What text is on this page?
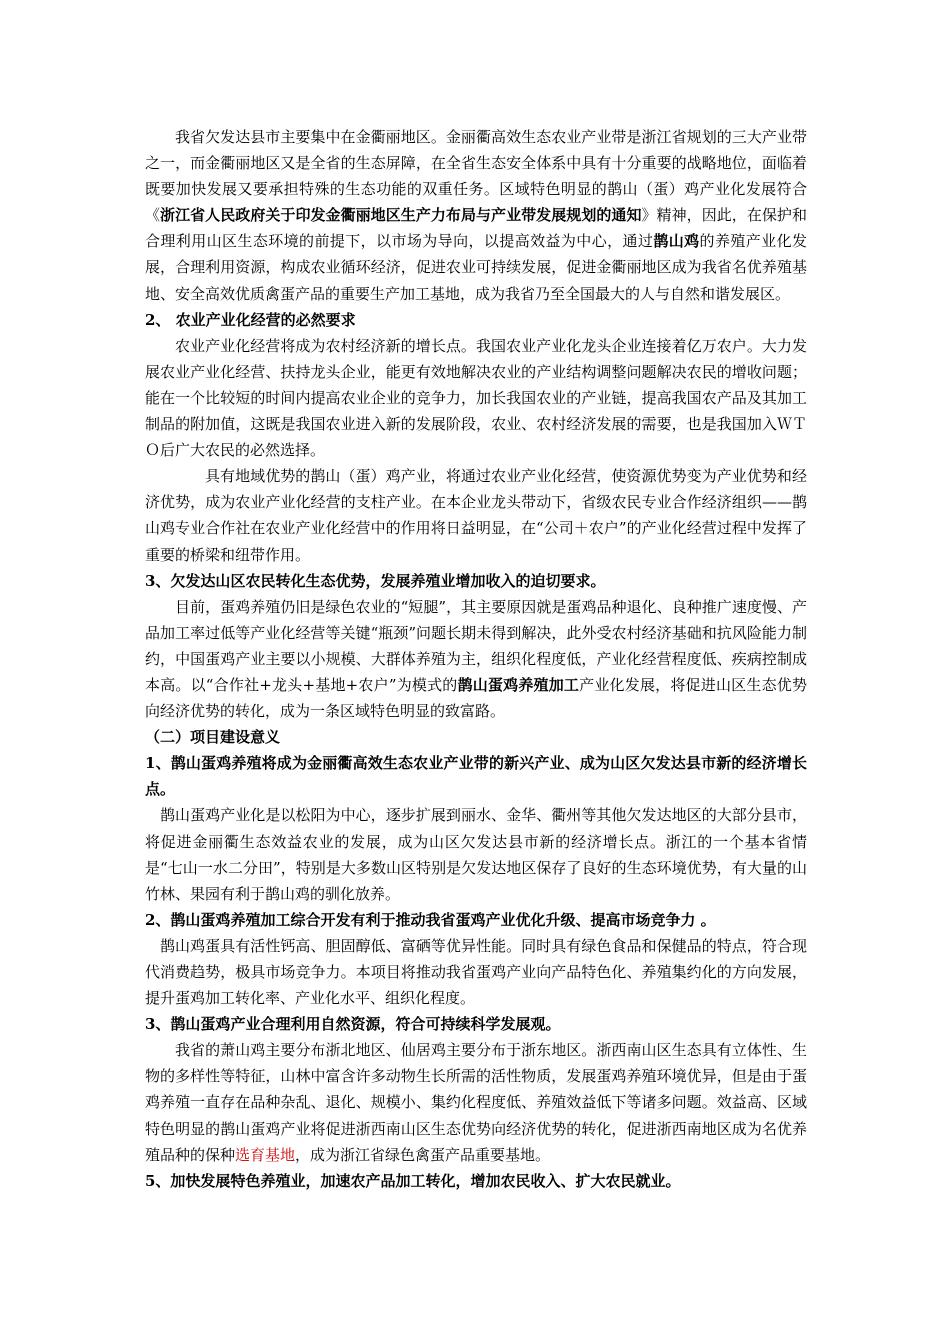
我省欠发达县市主要集中在金衢丽地区。金丽衢高效生态农业产业带是浙江省规划的三大产业带之一，而金衢丽地区又是全省的生态屏障，在全省生态安全体系中具有十分重要的战略地位，面临着既要加快发展又要承担特殊的生态功能的双重任务。区域特色明显的鹊山（蛋）鸡产业化发展符合《浙江省人民政府关于印发金衢丽地区生产力布局与产业带发展规划的通知》精神，因此，在保护和合理利用山区生态环境的前提下，以市场为导向，以提高效益为中心，通过鹊山鸡的养殖产业化发展，合理利用资源，构成农业循环经济，促进农业可持续发展，促进金衢丽地区成为我省名优养殖基地、安全高效优质禽蛋产品的重要生产加工基地，成为我省乃至全国最大的人与自然和谐发展区。

2、 农业产业化经营的必然要求

农业产业化经营将成为农村经济新的增长点。我国农业产业化龙头企业连接着亿万农户。大力发展农业产业化经营、扶持龙头企业，能更有效地解决农业的产业结构调整问题解决农民的增收问题；能在一个比较短的时间内提高农业企业的竞争力，加长我国农业的产业链，提高我国农产品及其加工制品的附加值，这既是我国农业进入新的发展阶段，农业、农村经济发展的需要，也是我国加入ＷＴＯ后广大农民的必然选择。

具有地域优势的鹊山（蛋）鸡产业，将通过农业产业化经营，使资源优势变为产业优势和经济优势，成为农业产业化经营的支柱产业。在本企业龙头带动下，省级农民专业合作经济组织——鹊山鸡专业合作社在农业产业化经营中的作用将日益明显，在“公司＋农户”的产业化经营过程中发挥了重要的桥梁和纽带作用。

3、欠发达山区农民转化生态优势，发展养殖业增加收入的迫切要求。

目前，蛋鸡养殖仍旧是绿色农业的“短腿”，其主要原因就是蛋鸡品种退化、良种推广速度慢、产品加工率过低等产业化经营等关键“瓶颈”问题长期未得到解决，此外受农村经济基础和抗风险能力制约，中国蛋鸡产业主要以小规模、大群体养殖为主，组织化程度低，产业化经营程度低、疾病控制成本高。以“合作社+龙头+基地+农户”为模式的鹊山蛋鸡养殖加工产业化发展，将促进山区生态优势向经济优势的转化，成为一条区域特色明显的致富路。

（二）项目建设意义

1、鹊山蛋鸡养殖将成为金丽衢高效生态农业产业带的新兴产业、成为山区欠发达县市新的经济增长点。

鹊山蛋鸡产业化是以松阳为中心，逐步扩展到丽水、金华、衢州等其他欠发达地区的大部分县市，将促进金丽衢生态效益农业的发展，成为山区欠发达县市新的经济增长点。浙江的一个基本省情是“七山一水二分田”，特别是大多数山区特别是欠发达地区保存了良好的生态环境优势，有大量的山竹林、果园有利于鹊山鸡的驯化放养。

2、鹊山蛋鸡养殖加工综合开发有利于推动我省蛋鸡产业优化升级、提高市场竞争力 。

鹊山鸡蛋具有活性钙高、胆固醇低、富硒等优异性能。同时具有绿色食品和保健品的特点，符合现代消费趋势，极具市场竞争力。本项目将推动我省蛋鸡产业向产品特色化、养殖集约化的方向发展，提升蛋鸡加工转化率、产业化水平、组织化程度。

3、鹊山蛋鸡产业合理利用自然资源，符合可持续科学发展观。

我省的萧山鸡主要分布浙北地区、仙居鸡主要分布于浙东地区。浙西南山区生态具有立体性、生物的多样性等特征，山林中富含许多动物生长所需的活性物质，发展蛋鸡养殖环境优异，但是由于蛋鸡养殖一直存在品种杂乱、退化、规模小、集约化程度低、养殖效益低下等诸多问题。效益高、区域特色明显的鹊山蛋鸡产业将促进浙西南山区生态优势向经济优势的转化，促进浙西南地区成为名优养殖品种的保种选育基地，成为浙江省绿色禽蛋产品重要基地。

5、加快发展特色养殖业，加速农产品加工转化，增加农民收入、扩大农民就业。
